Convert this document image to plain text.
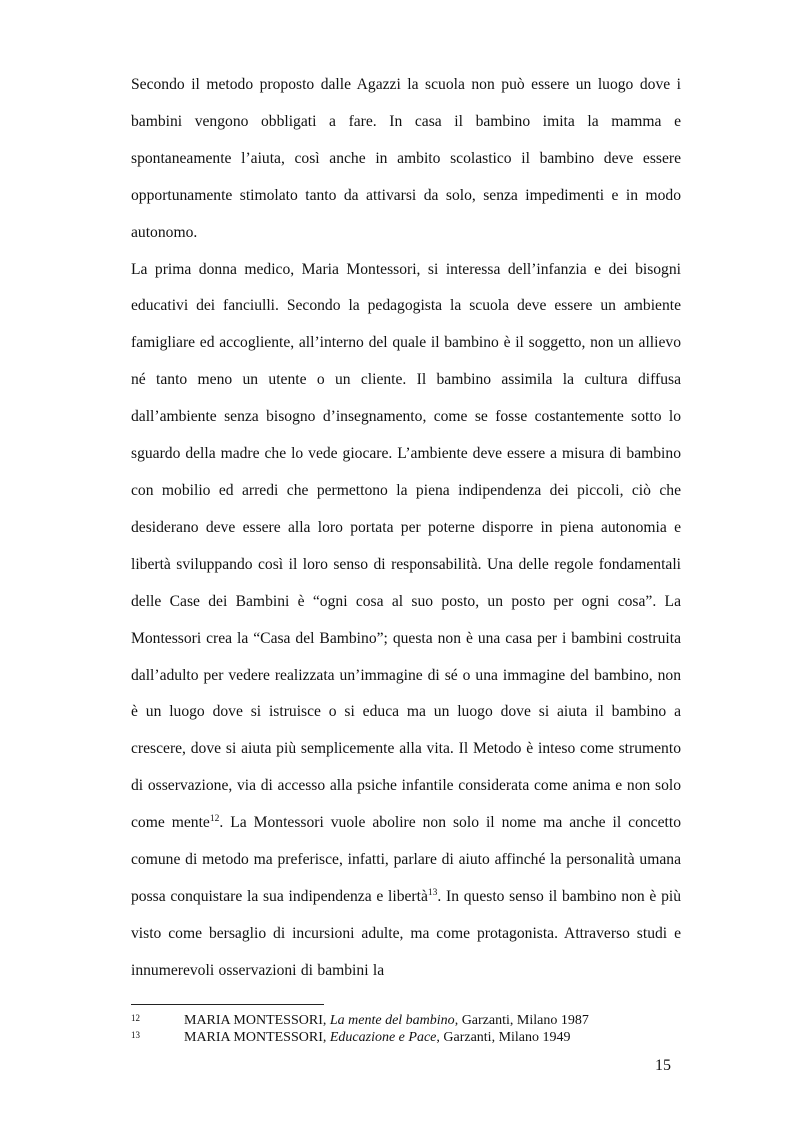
Secondo il metodo proposto dalle Agazzi la scuola non può essere un luogo dove i bambini vengono obbligati a fare. In casa il bambino imita la mamma e spontaneamente l’aiuta, così anche in ambito scolastico il bambino deve essere opportunamente stimolato tanto da attivarsi da solo, senza impedimenti e in modo autonomo.

La prima donna medico, Maria Montessori, si interessa dell’infanzia e dei bisogni educativi dei fanciulli. Secondo la pedagogista la scuola deve essere un ambiente famigliare ed accogliente, all’interno del quale il bambino è il soggetto, non un allievo né tanto meno un utente o un cliente. Il bambino assimila la cultura diffusa dall’ambiente senza bisogno d’insegnamento, come se fosse costantemente sotto lo sguardo della madre che lo vede giocare. L’ambiente deve essere a misura di bambino con mobilio ed arredi che permettono la piena indipendenza dei piccoli, ciò che desiderano deve essere alla loro portata per poterne disporre in piena autonomia e libertà sviluppando così il loro senso di responsabilità. Una delle regole fondamentali delle Case dei Bambini è “ogni cosa al suo posto, un posto per ogni cosa”. La Montessori crea la “Casa del Bambino”; questa non è una casa per i bambini costruita dall’adulto per vedere realizzata un’immagine di sé o una immagine del bambino, non è un luogo dove si istruisce o si educa ma un luogo dove si aiuta il bambino a crescere, dove si aiuta più semplicemente alla vita. Il Metodo è inteso come strumento di osservazione, via di accesso alla psiche infantile considerata come anima e non solo come mente$^{12}$. La Montessori vuole abolire non solo il nome ma anche il concetto comune di metodo ma preferisce, infatti, parlare di aiuto affinché la personalità umana possa conquistare la sua indipendenza e libertà$^{13}$. In questo senso il bambino non è più visto come bersaglio di incursioni adulte, ma come protagonista. Attraverso studi e innumerevoli osservazioni di bambini la

12	MARIA MONTESSORI, La mente del bambino, Garzanti, Milano 1987
13	MARIA MONTESSORI, Educazione e Pace, Garzanti, Milano 1949
15
